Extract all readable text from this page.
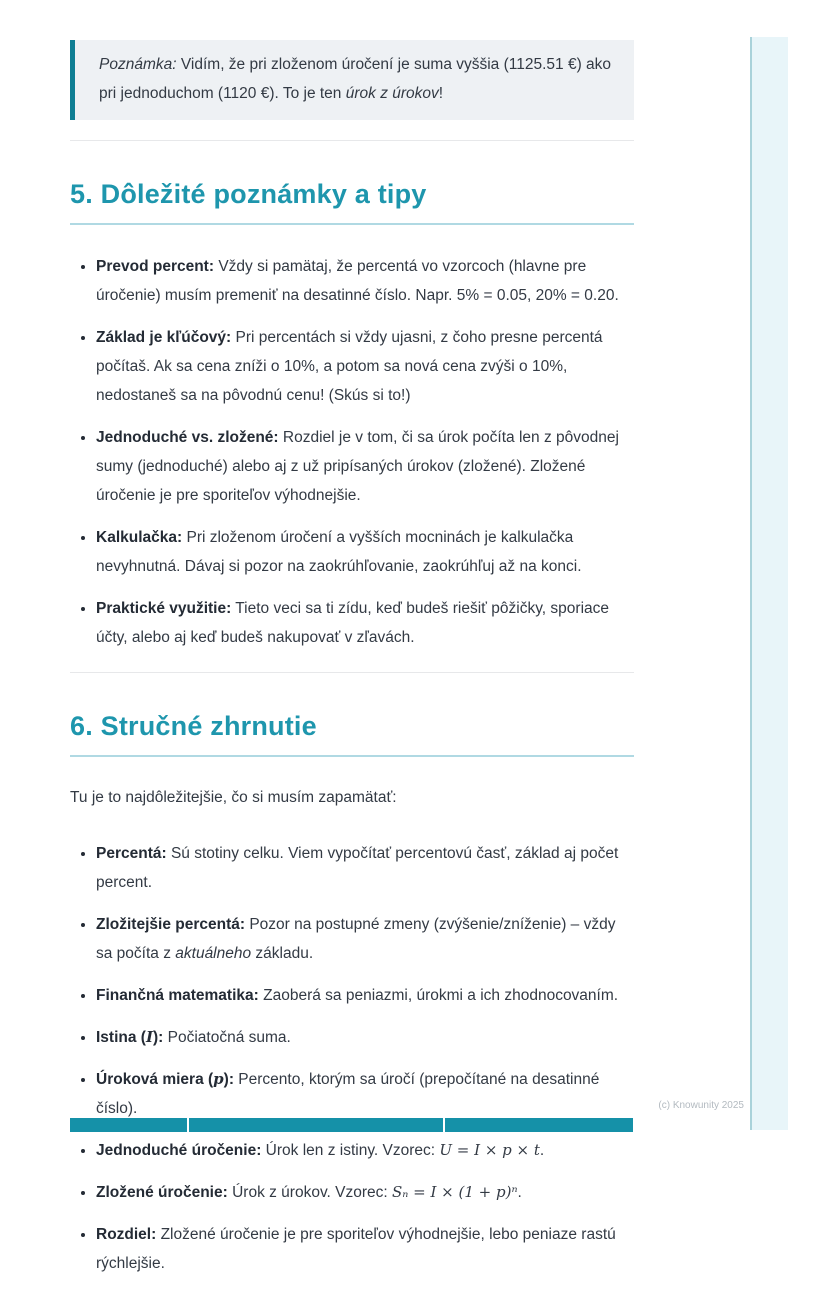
Poznámka: Vidím, že pri zloženom úročení je suma vyššia (1125.51 €) ako pri jednoduchom (1120 €). To je ten úrok z úrokov!
5. Dôležité poznámky a tipy
• Prevod percent: Vždy si pamätaj, že percentá vo vzorcoch (hlavne pre úročenie) musím premeniť na desatinné číslo. Napr. 5% = 0.05, 20% = 0.20.
• Základ je kľúčový: Pri percentách si vždy ujasni, z čoho presne percentá počítaš. Ak sa cena zníži o 10%, a potom sa nová cena zvýši o 10%, nedostaneš sa na pôvodnú cenu! (Skús si to!)
• Jednoduché vs. zložené: Rozdiel je v tom, či sa úrok počíta len z pôvodnej sumy (jednoduché) alebo aj z už pripísaných úrokov (zložené). Zložené úročenie je pre sporiteľov výhodnejšie.
• Kalkulačka: Pri zloženom úročení a vyšších mocninách je kalkulačka nevyhnutná. Dávaj si pozor na zaokrúhľovanie, zaokrúhľuj až na konci.
• Praktické využitie: Tieto veci sa ti zídu, keď budeš riešiť pôžičky, sporiace účty, alebo aj keď budeš nakupovať v zľavách.
6. Stručné zhrnutie

Tu je to najdôležitejšie, čo si musím zapamätať:

• Percentá: Sú stotiny celku. Viem vypočítať percentovú časť, základ aj počet percent.
• Zložitejšie percentá: Pozor na postupné zmeny (zvýšenie/zníženie) – vždy sa počíta z aktuálneho základu.
• Finančná matematika: Zaoberá sa peniazmi, úrokmi a ich zhodnocovaním.
• Istina (I): Počiatočná suma.
• Úroková miera (p): Percento, ktorým sa úročí (prepočítané na desatinné číslo).
• Jednoduché úročenie: Úrok len z istiny. Vzorec: U = I × p × t.
• Zložené úročenie: Úrok z úrokov. Vzorec: Sₙ = I × (1 + p)ⁿ.
• Rozdiel: Zložené úročenie je pre sporiteľov výhodnejšie, lebo peniaze rastú rýchlejšie.
(c) Knowunity 2025
